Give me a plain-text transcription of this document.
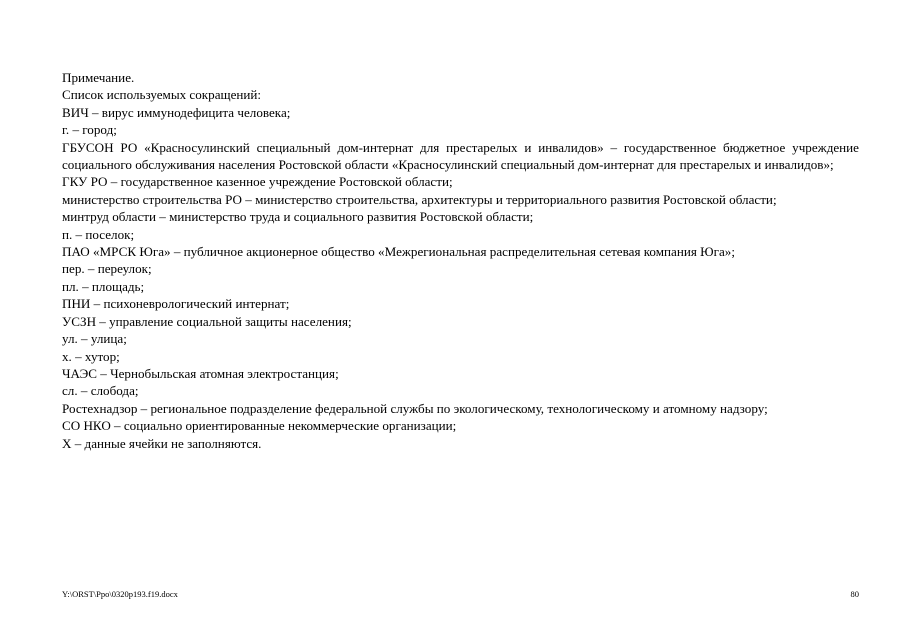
Примечание.
Список используемых сокращений:
ВИЧ – вирус иммунодефицита человека;
г. – город;
ГБУСОН РО «Красносулинский специальный дом-интернат для престарелых и инвалидов» – государственное бюджетное учреждение социального обслуживания населения Ростовской области «Красносулинский специальный дом-интернат для престарелых и инвалидов»;
ГКУ РО – государственное казенное учреждение Ростовской области;
министерство строительства РО – министерство строительства, архитектуры и территориального развития Ростовской области;
минтруд области – министерство труда и социального развития Ростовской области;
п. – поселок;
ПАО «МРСК Юга» – публичное акционерное общество «Межрегиональная распределительная сетевая компания Юга»;
пер. – переулок;
пл. – площадь;
ПНИ – психоневрологический интернат;
УСЗН – управление социальной защиты населения;
ул. – улица;
х. – хутор;
ЧАЭС – Чернобыльская атомная электростанция;
сл. – слобода;
Ростехнадзор – региональное подразделение федеральной службы по экологическому, технологическому и атомному надзору;
СО НКО – социально ориентированные некоммерческие организации;
Х – данные ячейки не заполняются.
Y:\ORST\Ppo\0320p193.f19.docx	80
